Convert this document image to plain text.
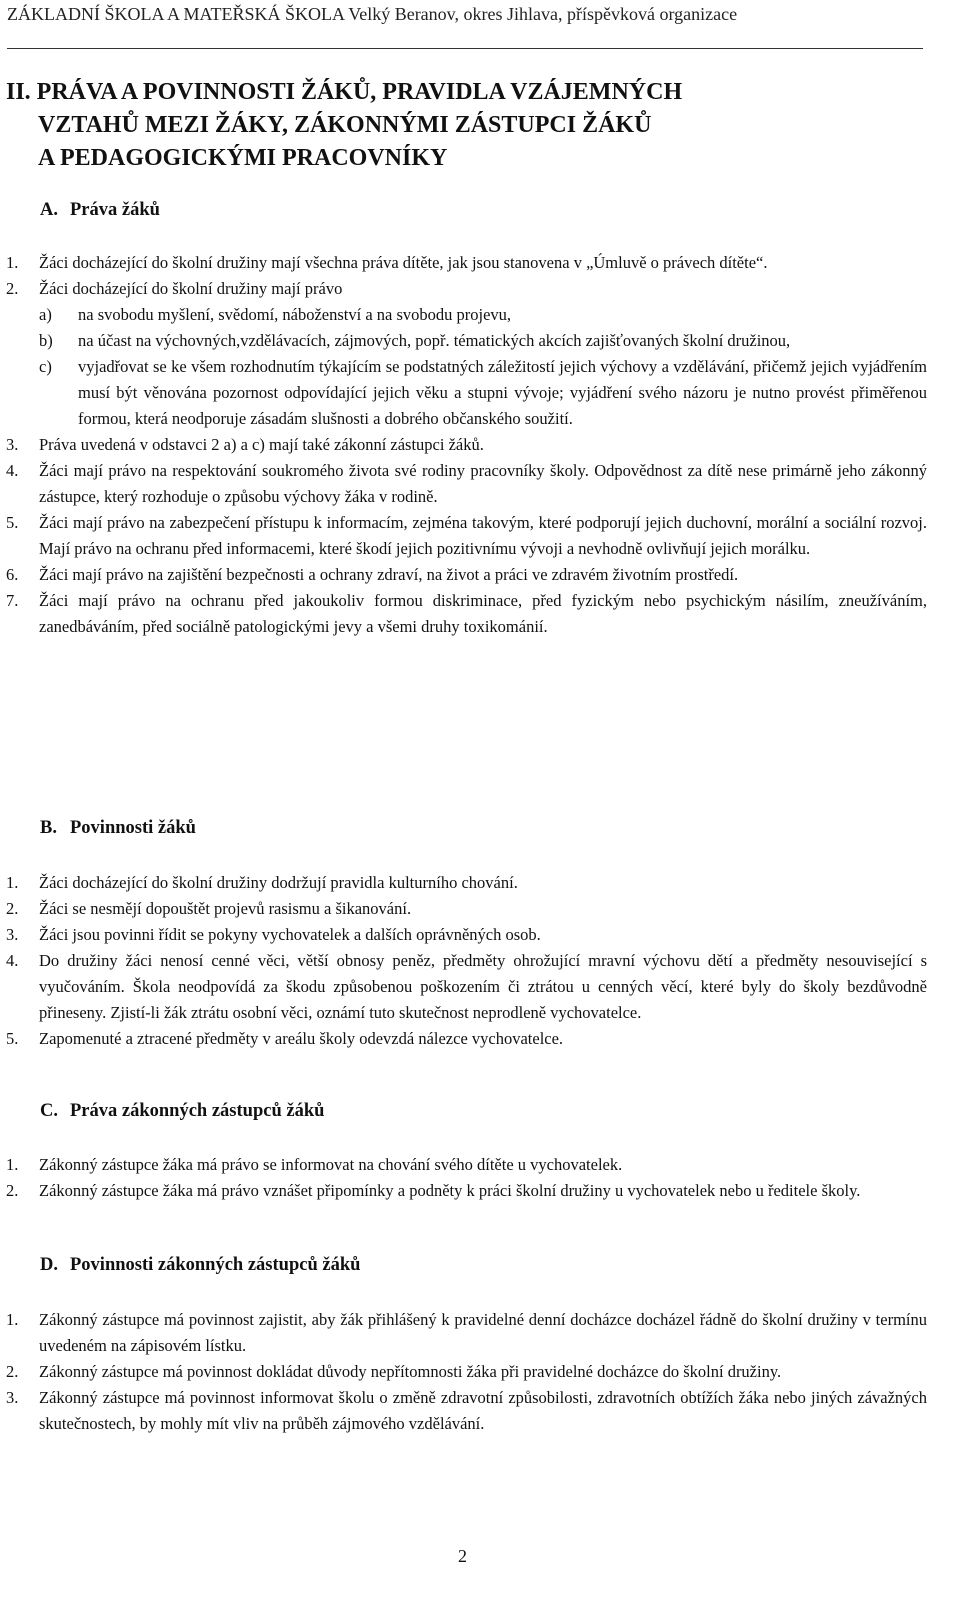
ZÁKLADNÍ ŠKOLA A MATEŘSKÁ ŠKOLA Velký Beranov, okres Jihlava, příspěvková organizace
II. PRÁVA A POVINNOSTI ŽÁKŮ, PRAVIDLA VZÁJEMNÝCH
VZTAHŮ MEZI ŽÁKY, ZÁKONNÝMI ZÁSTUPCI ŽÁKŮ
A PEDAGOGICKÝMI PRACOVNÍKY
A. Práva žáků
1. Žáci docházející do školní družiny mají všechna práva dítěte, jak jsou stanovena v „Úmluvě o právech dítěte“.
2. Žáci docházející do školní družiny mají právo
a) na svobodu myšlení, svědomí, náboženství a na svobodu projevu,
b) na účast na výchovných,vzdělávacích, zájmových, popř. tématických akcích zajišťovaných školní družinou,
c) vyjadřovat se ke všem rozhodnutím týkajícím se podstatných záležitostí jejich výchovy a vzdělávání, přičemž jejich vyjádřením musí být věnována pozornost odpovídající jejich věku a stupni vývoje; vyjádření svého názoru je nutno provést přiměřenou formou, která neodporuje zásadám slušnosti a dobrého občanského soužití.
3. Práva uvedená v odstavci 2 a) a c) mají také zákonní zástupci žáků.
4. Žáci mají právo na respektování soukromého života své rodiny pracovníky školy. Odpovědnost za dítě nese primárně jeho zákonný zástupce, který rozhoduje o způsobu výchovy žáka v rodině.
5. Žáci mají právo na zabezpečení přístupu k informacím, zejména takovým, které podporují jejich duchovní, morální a sociální rozvoj. Mají právo na ochranu před informacemi, které škodí jejich pozitivnímu vývoji a nevhodně ovlivňují jejich morálku.
6. Žáci mají právo na zajištění bezpečnosti a ochrany zdraví, na život a práci ve zdravém životním prostředí.
7. Žáci mají právo na ochranu před jakoukoliv formou diskriminace, před fyzickým nebo psychickým násilím, zneužíváním, zanedbáváním, před sociálně patologickými jevy a všemi druhy toxikománií.
B. Povinnosti žáků
1. Žáci docházející do školní družiny dodržují pravidla kulturního chování.
2. Žáci se nesmějí dopouštět projevů rasismu a šikanování.
3. Žáci jsou povinni řídit se pokyny vychovatelek a dalších oprávněných osob.
4. Do družiny žáci nenosí cenné věci, větší obnosy peněz, předměty ohrožující mravní výchovu dětí a předměty nesouvisející s vyučováním. Škola neodpovídá za škodu způsobenou poškozením či ztrátou u cenných věcí, které byly do školy bezdůvodně přineseny. Zjistí-li žák ztrátu osobní věci, oznámí tuto skutečnost neprodleně vychovatelce.
5. Zapomenuté a ztracené předměty v areálu školy odevzdá nálezce vychovatelce.
C. Práva zákonných zástupců žáků
1. Zákonný zástupce žáka má právo se informovat na chování svého dítěte u vychovatelek.
2. Zákonný zástupce žáka má právo vznášet připomínky a podněty k práci školní družiny u vychovatelek nebo u ředitele školy.
D. Povinnosti zákonných zástupců žáků
1. Zákonný zástupce má povinnost zajistit, aby žák přihlášený k pravidelné denní docházce docházel řádně do školní družiny v termínu uvedeném na zápisovém lístku.
2. Zákonný zástupce má povinnost dokládat důvody nepřítomnosti žáka při pravidelné docházce do školní družiny.
3. Zákonný zástupce má povinnost informovat školu o změně zdravotní způsobilosti, zdravotních obtížích žáka nebo jiných závažných skutečnostech, by mohly mít vliv na průběh zájmového vzdělávání.
2
